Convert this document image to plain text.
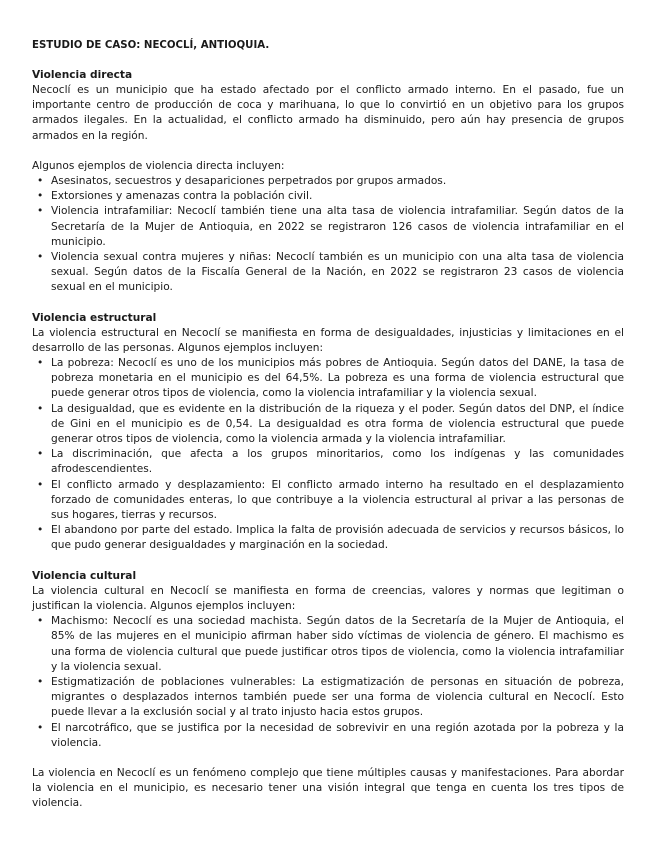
ESTUDIO DE CASO: NECOCLÍ, ANTIOQUIA.
Violencia directa

Necoclí es un municipio que ha estado afectado por el conflicto armado interno. En el pasado, fue un importante centro de producción de coca y marihuana, lo que lo convirtió en un objetivo para los grupos armados ilegales. En la actualidad, el conflicto armado ha disminuido, pero aún hay presencia de grupos armados en la región.

Algunos ejemplos de violencia directa incluyen:

• Asesinatos, secuestros y desapariciones perpetrados por grupos armados.
• Extorsiones y amenazas contra la población civil.
• Violencia intrafamiliar: Necoclí también tiene una alta tasa de violencia intrafamiliar. Según datos de la Secretaría de la Mujer de Antioquia, en 2022 se registraron 126 casos de violencia intrafamiliar en el municipio.
• Violencia sexual contra mujeres y niñas: Necoclí también es un municipio con una alta tasa de violencia sexual. Según datos de la Fiscalía General de la Nación, en 2022 se registraron 23 casos de violencia sexual en el municipio.
Violencia estructural

La violencia estructural en Necoclí se manifiesta en forma de desigualdades, injusticias y limitaciones en el desarrollo de las personas. Algunos ejemplos incluyen:

• La pobreza: Necoclí es uno de los municipios más pobres de Antioquia. Según datos del DANE, la tasa de pobreza monetaria en el municipio es del 64,5%. La pobreza es una forma de violencia estructural que puede generar otros tipos de violencia, como la violencia intrafamiliar y la violencia sexual.
• La desigualdad, que es evidente en la distribución de la riqueza y el poder. Según datos del DNP, el índice de Gini en el municipio es de 0,54. La desigualdad es otra forma de violencia estructural que puede generar otros tipos de violencia, como la violencia armada y la violencia intrafamiliar.
• La discriminación, que afecta a los grupos minoritarios, como los indígenas y las comunidades afrodescendientes.
• El conflicto armado y desplazamiento: El conflicto armado interno ha resultado en el desplazamiento forzado de comunidades enteras, lo que contribuye a la violencia estructural al privar a las personas de sus hogares, tierras y recursos.
• El abandono por parte del estado. Implica la falta de provisión adecuada de servicios y recursos básicos, lo que pudo generar desigualdades y marginación en la sociedad.
Violencia cultural

La violencia cultural en Necoclí se manifiesta en forma de creencias, valores y normas que legitiman o justifican la violencia. Algunos ejemplos incluyen:

• Machismo: Necoclí es una sociedad machista. Según datos de la Secretaría de la Mujer de Antioquia, el 85% de las mujeres en el municipio afirman haber sido víctimas de violencia de género. El machismo es una forma de violencia cultural que puede justificar otros tipos de violencia, como la violencia intrafamiliar y la violencia sexual.
• Estigmatización de poblaciones vulnerables: La estigmatización de personas en situación de pobreza, migrantes o desplazados internos también puede ser una forma de violencia cultural en Necoclí. Esto puede llevar a la exclusión social y al trato injusto hacia estos grupos.
• El narcotráfico, que se justifica por la necesidad de sobrevivir en una región azotada por la pobreza y la violencia.

La violencia en Necoclí es un fenómeno complejo que tiene múltiples causas y manifestaciones. Para abordar la violencia en el municipio, es necesario tener una visión integral que tenga en cuenta los tres tipos de violencia.
